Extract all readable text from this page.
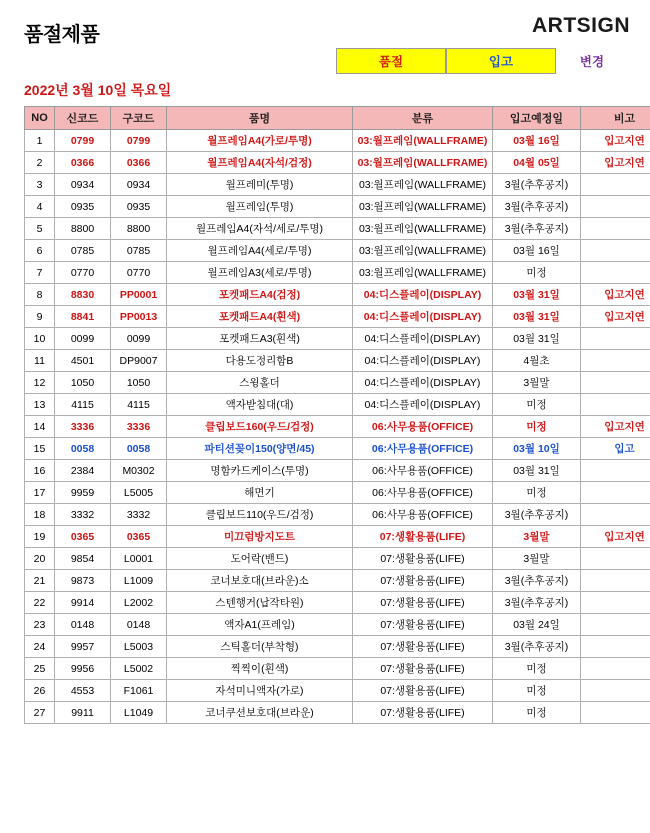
품절제품	ARTSIGN
품절	입고	변경
2022년 3월 10일 목요일
NO	신코드	구코드	품명	분류	입고예정일	비고
1	0799	0799	월프레임A4(가로/투명)	03:월프레임(WALLFRAME)	03월 16일	입고지연
2	0366	0366	월프레임A4(자석/검정)	03:월프레임(WALLFRAME)	04월 05일	입고지연
3	0934	0934	월프레미(투명)	03:월프레임(WALLFRAME)	3월(추후공지)	
4	0935	0935	월프레임(투명)	03:월프레임(WALLFRAME)	3월(추후공지)	
5	8800	8800	월프레임A4(자석/세로/투명)	03:월프레임(WALLFRAME)	3월(추후공지)	
6	0785	0785	월프레임A4(세로/투명)	03:월프레임(WALLFRAME)	03월 16일	
7	0770	0770	월프레임A3(세로/투명)	03:월프레임(WALLFRAME)	미정	
8	8830	PP0001	포켓패드A4(검정)	04:디스플레이(DISPLAY)	03월 31일	입고지연
9	8841	PP0013	포켓패드A4(흰색)	04:디스플레이(DISPLAY)	03월 31일	입고지연
10	0099	0099	포켓패드A3(흰색)	04:디스플레이(DISPLAY)	03월 31일	
11	4501	DP9007	다용도정리함B	04:디스플레이(DISPLAY)	4월초	
12	1050	1050	스윙홀더	04:디스플레이(DISPLAY)	3월말	
13	4115	4115	액자받침대(대)	04:디스플레이(DISPLAY)	미정	
14	3336	3336	클립보드160(우드/검정)	06:사무용품(OFFICE)	미정	입고지연
15	0058	0058	파티션꽂이150(양면/45)	06:사무용품(OFFICE)	03월 10일	입고
16	2384	M0302	명함카드케이스(투명)	06:사무용품(OFFICE)	03월 31일	
17	9959	L5005	해면기	06:사무용품(OFFICE)	미정	
18	3332	3332	클립보드110(우드/검정)	06:사무용품(OFFICE)	3월(추후공지)	
19	0365	0365	미끄럼방지도트	07:생활용품(LIFE)	3월말	입고지연
20	9854	L0001	도어락(밴드)	07:생활용품(LIFE)	3월말	
21	9873	L1009	코너보호대(브라운)소	07:생활용품(LIFE)	3월(추후공지)	
22	9914	L2002	스텐행거(납작타원)	07:생활용품(LIFE)	3월(추후공지)	
23	0148	0148	액자A1(프레임)	07:생활용품(LIFE)	03월 24일	
24	9957	L5003	스틱홀더(부착형)	07:생활용품(LIFE)	3월(추후공지)	
25	9956	L5002	찍찍이(흰색)	07:생활용품(LIFE)	미정	
26	4553	F1061	자석미니액자(가로)	07:생활용품(LIFE)	미정	
27	9911	L1049	코너쿠션보호대(브라운)	07:생활용품(LIFE)	미정	
